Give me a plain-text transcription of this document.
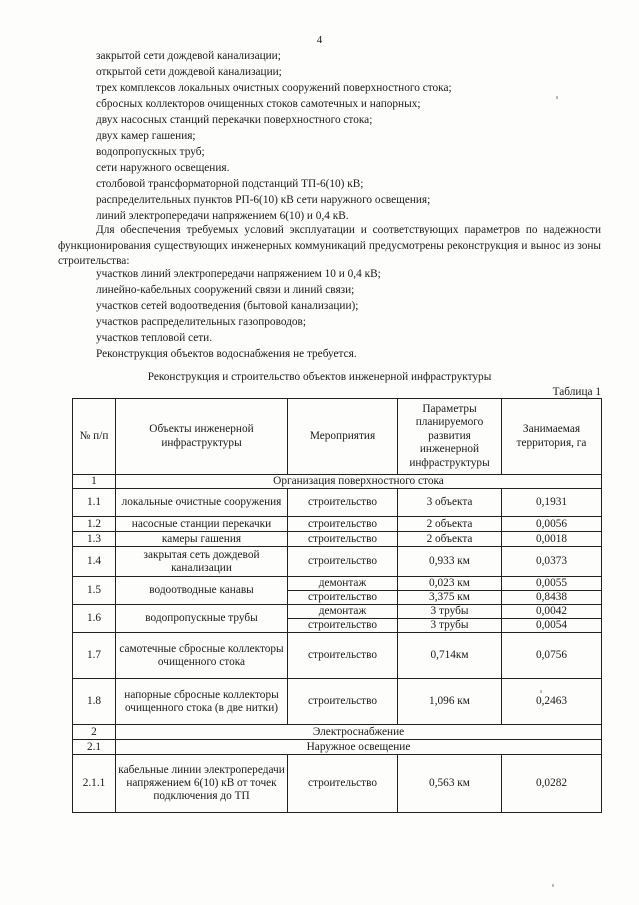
4
закрытой сети дождевой канализации;
открытой сети дождевой канализации;
трех комплексов локальных очистных сооружений поверхностного стока;
сбросных коллекторов очищенных стоков самотечных и напорных;
двух насосных станций перекачки поверхностного стока;
двух камер гашения;
водопропускных труб;
сети наружного освещения.
столбовой трансформаторной подстанций ТП-6(10) кВ;
распределительных пунктов РП-6(10) кВ сети наружного освещения;
линий электропередачи напряжением 6(10) и 0,4 кВ.
Для обеспечения требуемых условий эксплуатации и соответствующих параметров по надежности функционирования существующих инженерных коммуникаций предусмотрены реконструкция и вынос из зоны строительства:
участков линий электропередачи напряжением 10 и 0,4 кВ;
линейно-кабельных сооружений связи и линий связи;
участков сетей водоотведения (бытовой канализации);
участков распределительных газопроводов;
участков тепловой сети.
Реконструкция объектов водоснабжения не требуется.
Реконструкция и строительство объектов инженерной инфраструктуры
Таблица 1
№ п/п	Объекты инженерной инфраструктуры	Мероприятия	Параметры планируемого развития инженерной инфраструктуры	Занимаемая территория, га
1	Организация поверхностного стока			
1.1	локальные очистные сооружения	строительство	3 объекта	0,1931
1.2	насосные станции перекачки	строительство	2 объекта	0,0056
1.3	камеры гашения	строительство	2 объекта	0,0018
1.4	закрытая сеть дождевой канализации	строительство	0,933 км	0,0373
1.5	водоотводные канавы	демонтаж	0,023 км	0,0055
		строительство	3,375 км	0,8438
1.6	водопропускные трубы	демонтаж	3 трубы	0,0042
		строительство	3 трубы	0,0054
1.7	самотечные сбросные коллекторы очищенного стока	строительство	0,714км	0,0756
1.8	напорные сбросные коллекторы очищенного стока (в две нитки)	строительство	1,096 км	0,2463
2	Электроснабжение			
2.1	Наружное освещение			
2.1.1	кабельные линии электропередачи напряжением 6(10) кВ от точек подключения до ТП	строительство	0,563 км	0,0282
